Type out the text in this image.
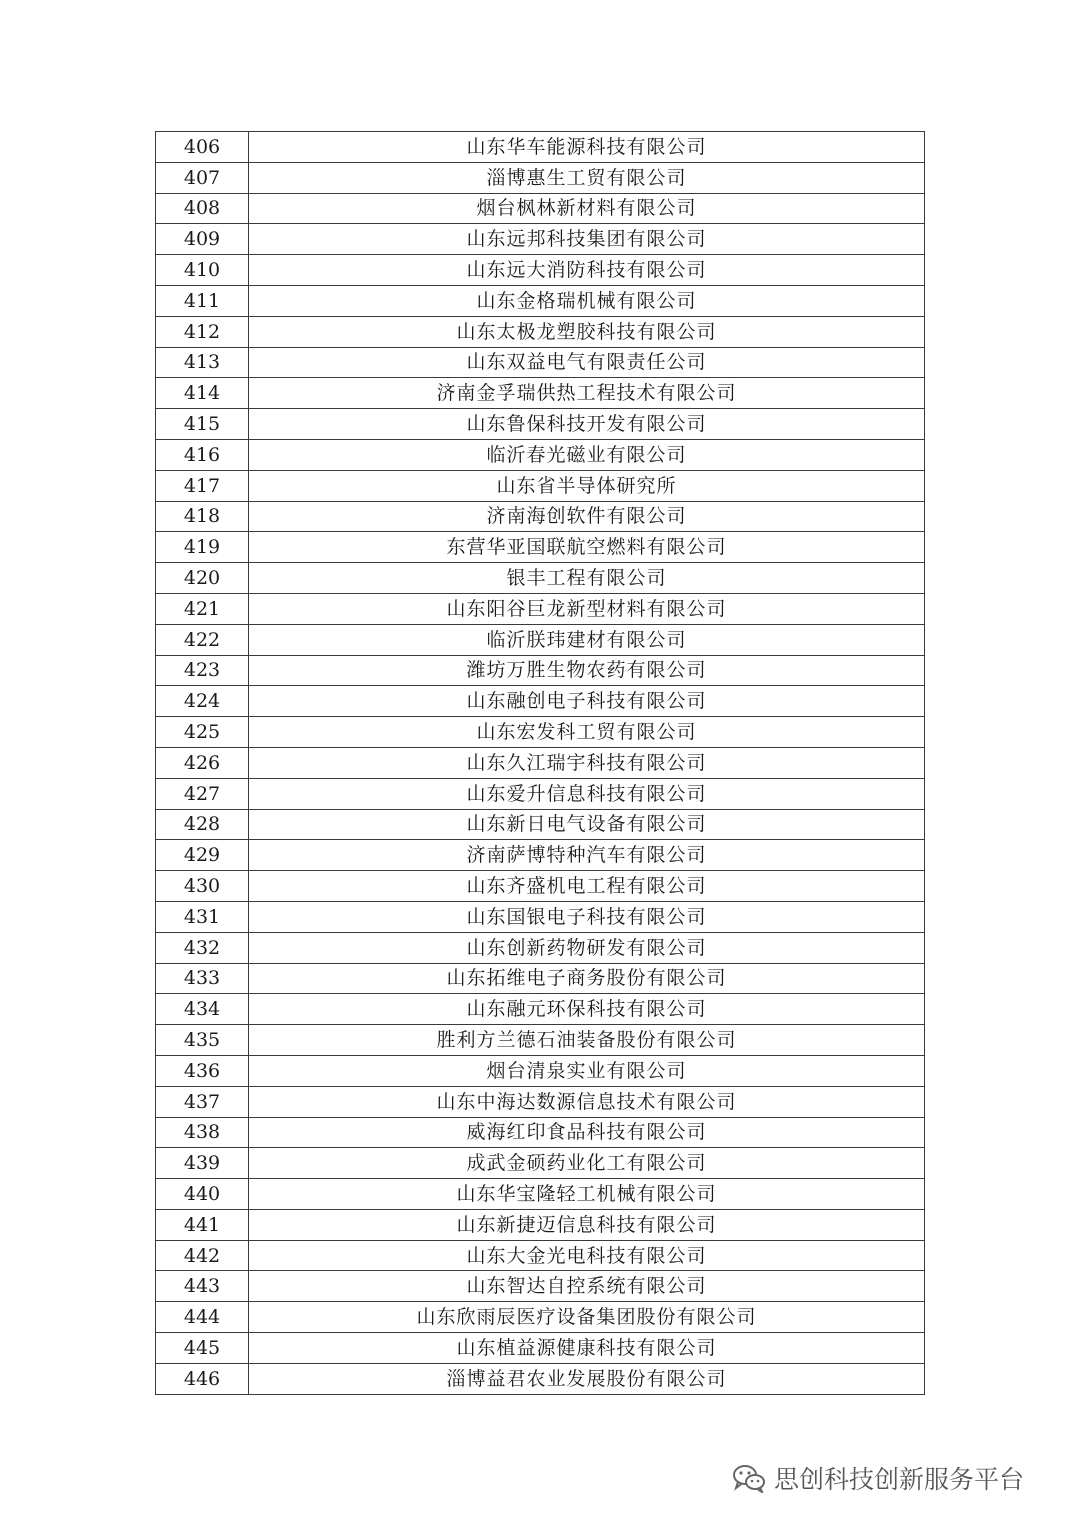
406	山东华车能源科技有限公司
407	淄博惠生工贸有限公司
408	烟台枫林新材料有限公司
409	山东远邦科技集团有限公司
410	山东远大消防科技有限公司
411	山东金格瑞机械有限公司
412	山东太极龙塑胶科技有限公司
413	山东双益电气有限责任公司
414	济南金孚瑞供热工程技术有限公司
415	山东鲁保科技开发有限公司
416	临沂春光磁业有限公司
417	山东省半导体研究所
418	济南海创软件有限公司
419	东营华亚国联航空燃料有限公司
420	银丰工程有限公司
421	山东阳谷巨龙新型材料有限公司
422	临沂朕玮建材有限公司
423	潍坊万胜生物农药有限公司
424	山东融创电子科技有限公司
425	山东宏发科工贸有限公司
426	山东久江瑞宇科技有限公司
427	山东爱升信息科技有限公司
428	山东新日电气设备有限公司
429	济南萨博特种汽车有限公司
430	山东齐盛机电工程有限公司
431	山东国银电子科技有限公司
432	山东创新药物研发有限公司
433	山东拓维电子商务股份有限公司
434	山东融元环保科技有限公司
435	胜利方兰德石油装备股份有限公司
436	烟台清泉实业有限公司
437	山东中海达数源信息技术有限公司
438	威海红印食品科技有限公司
439	成武金硕药业化工有限公司
440	山东华宝隆轻工机械有限公司
441	山东新捷迈信息科技有限公司
442	山东大金光电科技有限公司
443	山东智达自控系统有限公司
444	山东欣雨辰医疗设备集团股份有限公司
445	山东植益源健康科技有限公司
446	淄博益君农业发展股份有限公司
思创科技创新服务平台
